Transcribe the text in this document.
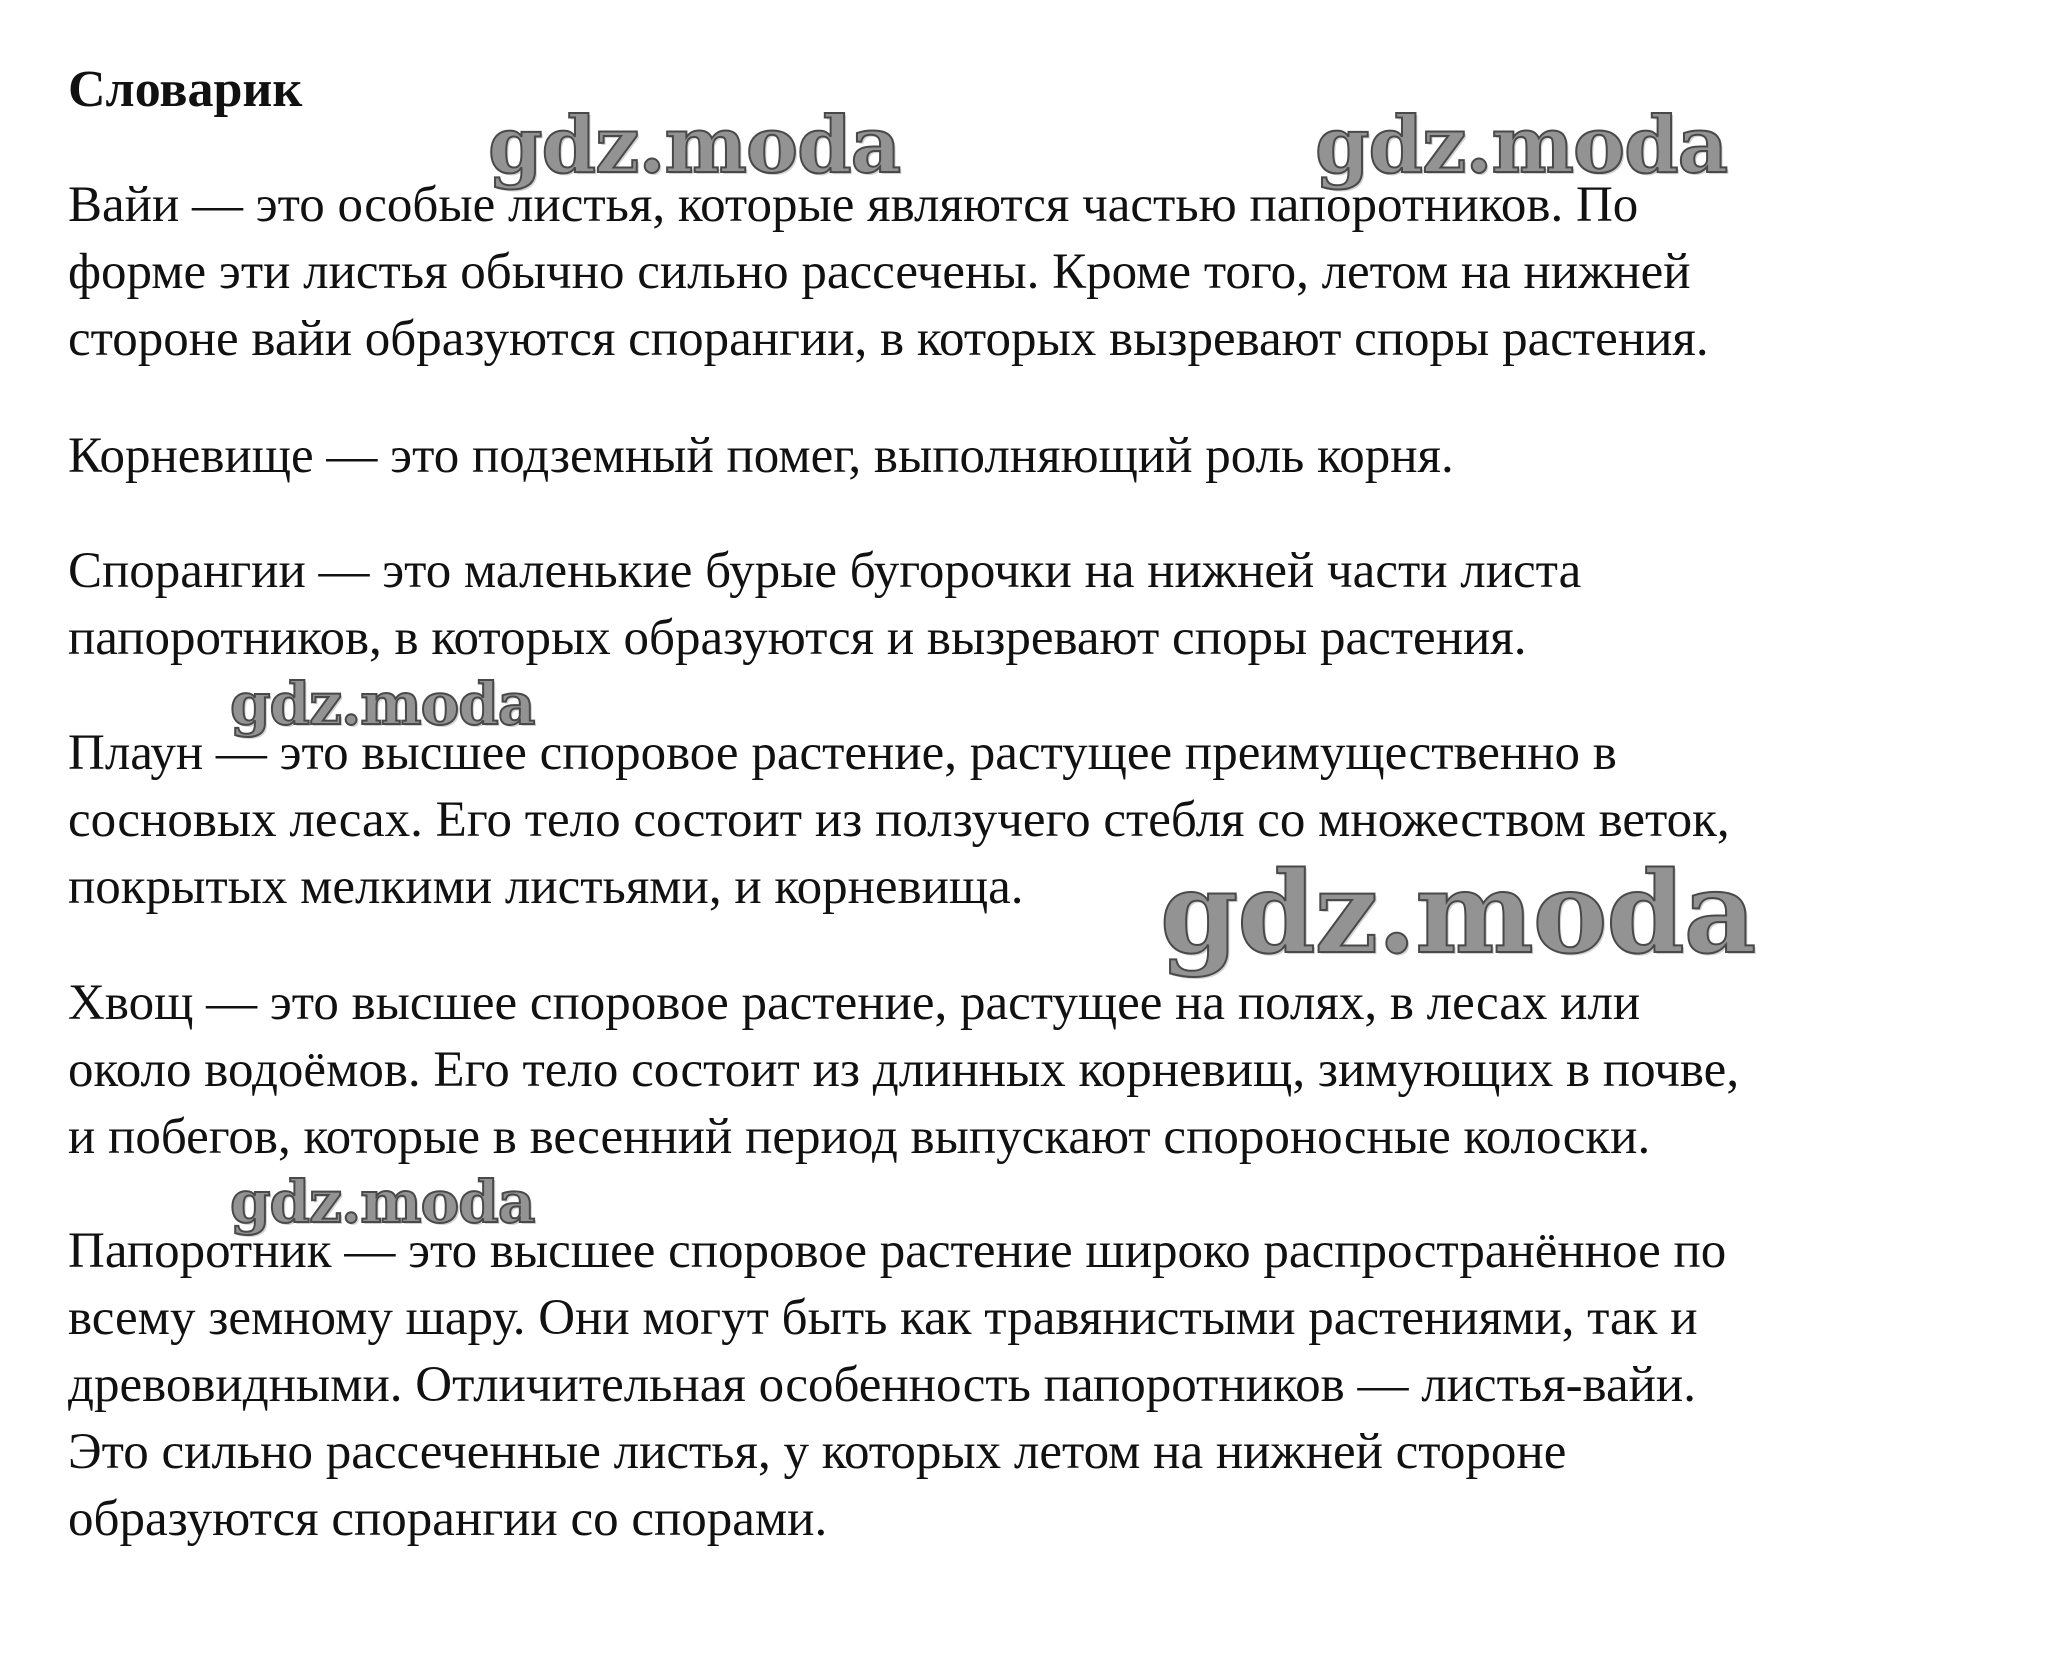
Словарик

Вайи — это особые листья, которые являются частью папоротников. По
форме эти листья обычно сильно рассечены. Кроме того, летом на нижней
стороне вайи образуются спорангии, в которых вызревают споры растения.

Корневище — это подземный помег, выполняющий роль корня.

Спорангии — это маленькие бурые бугорочки на нижней части листа
папоротников, в которых образуются и вызревают споры растения.

Плаун — это высшее споровое растение, растущее преимущественно в
сосновых лесах. Его тело состоит из ползучего стебля со множеством веток,
покрытых мелкими листьями, и корневища.

Хвощ — это высшее споровое растение, растущее на полях, в лесах или
около водоёмов. Его тело состоит из длинных корневищ, зимующих в почве,
и побегов, которые в весенний период выпускают спороносные колоски.

Папоротник — это высшее споровое растение широко распространённое по
всему земному шару. Они могут быть как травянистыми растениями, так и
древовидными. Отличительная особенность папоротников — листья-вайи.
Это сильно рассеченные листья, у которых летом на нижней стороне
образуются спорангии со спорами.

gdz.moda	gdz.moda
gdz.moda
gdz.moda
gdz.moda
